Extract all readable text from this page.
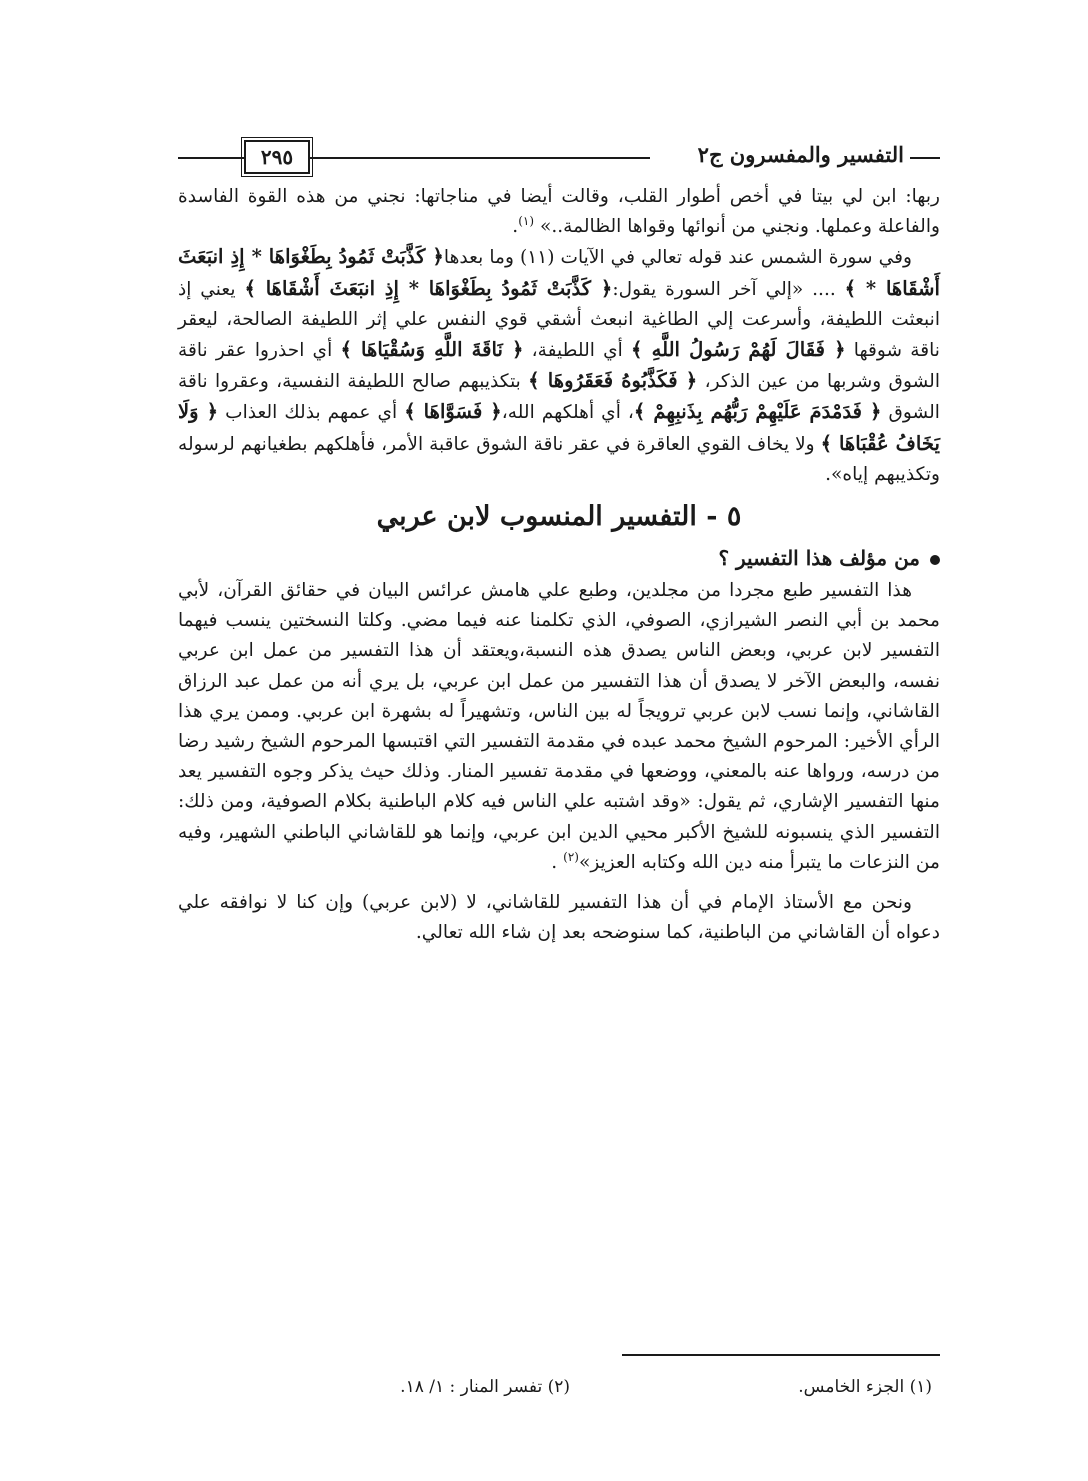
التفسير والمفسرون ج٢
٢٩٥

ربها: ابن لي بيتا في أخص أطوار القلب، وقالت أيضا في مناجاتها: نجني من هذه القوة الفاسدة والفاعلة وعملها. ونجني من أنوائها وقواها الظالمة..» $^{(١)}$.

وفي سورة الشمس عند قوله تعالي في الآيات (١١) وما بعدها﴿ كَذَّبَتْ ثَمُودُ بِطَغْوَاهَا * إِذِ انبَعَثَ أَشْقَاهَا * ﴾ .... «إلي آخر السورة يقول:﴿ كَذَّبَتْ ثَمُودُ بِطَغْوَاهَا * إِذِ انبَعَثَ أَشْقَاهَا ﴾ يعني إذ انبعثت اللطيفة، وأسرعت إلي الطاغية انبعث أشقي قوي النفس علي إثر اللطيفة الصالحة، ليعقر ناقة شوقها ﴿ فَقَالَ لَهُمْ رَسُولُ اللَّهِ ﴾ أي اللطيفة، ﴿ نَاقَةَ اللَّهِ وَسُقْيَاهَا ﴾ أي احذروا عقر ناقة الشوق وشربها من عين الذكر، ﴿ فَكَذَّبُوهُ فَعَقَرُوهَا ﴾ بتكذيبهم صالح اللطيفة النفسية، وعقروا ناقة الشوق ﴿ فَدَمْدَمَ عَلَيْهِمْ رَبُّهُم بِذَنبِهِمْ ﴾، أي أهلكهم الله،﴿ فَسَوَّاهَا ﴾ أي عمهم بذلك العذاب ﴿ وَلَا يَخَافُ عُقْبَاهَا ﴾ ولا يخاف القوي العاقرة في عقر ناقة الشوق عاقبة الأمر، فأهلكهم بطغيانهم لرسوله وتكذيبهم إياه».

٥ - التفسير المنسوب لابن عربي
من مؤلف هذا التفسير ؟

هذا التفسير طبع مجردا من مجلدين، وطبع علي هامش عرائس البيان في حقائق القرآن، لأبي محمد بن أبي النصر الشيرازي، الصوفي، الذي تكلمنا عنه فيما مضي. وكلتا النسختين ينسب فيهما التفسير لابن عربي، وبعض الناس يصدق هذه النسبة،ويعتقد أن هذا التفسير من عمل ابن عربي نفسه، والبعض الآخر لا يصدق أن هذا التفسير من عمل ابن عربي، بل يري أنه من عمل عبد الرزاق القاشاني، وإنما نسب لابن عربي ترويجاً له بين الناس، وتشهيراً له بشهرة ابن عربي. وممن يري هذا الرأي الأخير: المرحوم الشيخ محمد عبده في مقدمة التفسير التي اقتبسها المرحوم الشيخ رشيد رضا من درسه، ورواها عنه بالمعني، ووضعها في مقدمة تفسير المنار. وذلك حيث يذكر وجوه التفسير يعد منها التفسير الإشاري، ثم يقول: «وقد اشتبه علي الناس فيه كلام الباطنية بكلام الصوفية، ومن ذلك: التفسير الذي ينسبونه للشيخ الأكبر محيي الدين ابن عربي، وإنما هو للقاشاني الباطني الشهير، وفيه من النزعات ما يتبرأ منه دين الله وكتابه العزيز»$^{(٢)}$ .

ونحن مع الأستاذ الإمام في أن هذا التفسير للقاشاني، لا (لابن عربي) وإن كنا لا نوافقه علي دعواه أن القاشاني من الباطنية، كما سنوضحه بعد إن شاء الله تعالي.

(١) الجزء الخامس.
(٢) تفسر المنار : ١/ ١٨.
